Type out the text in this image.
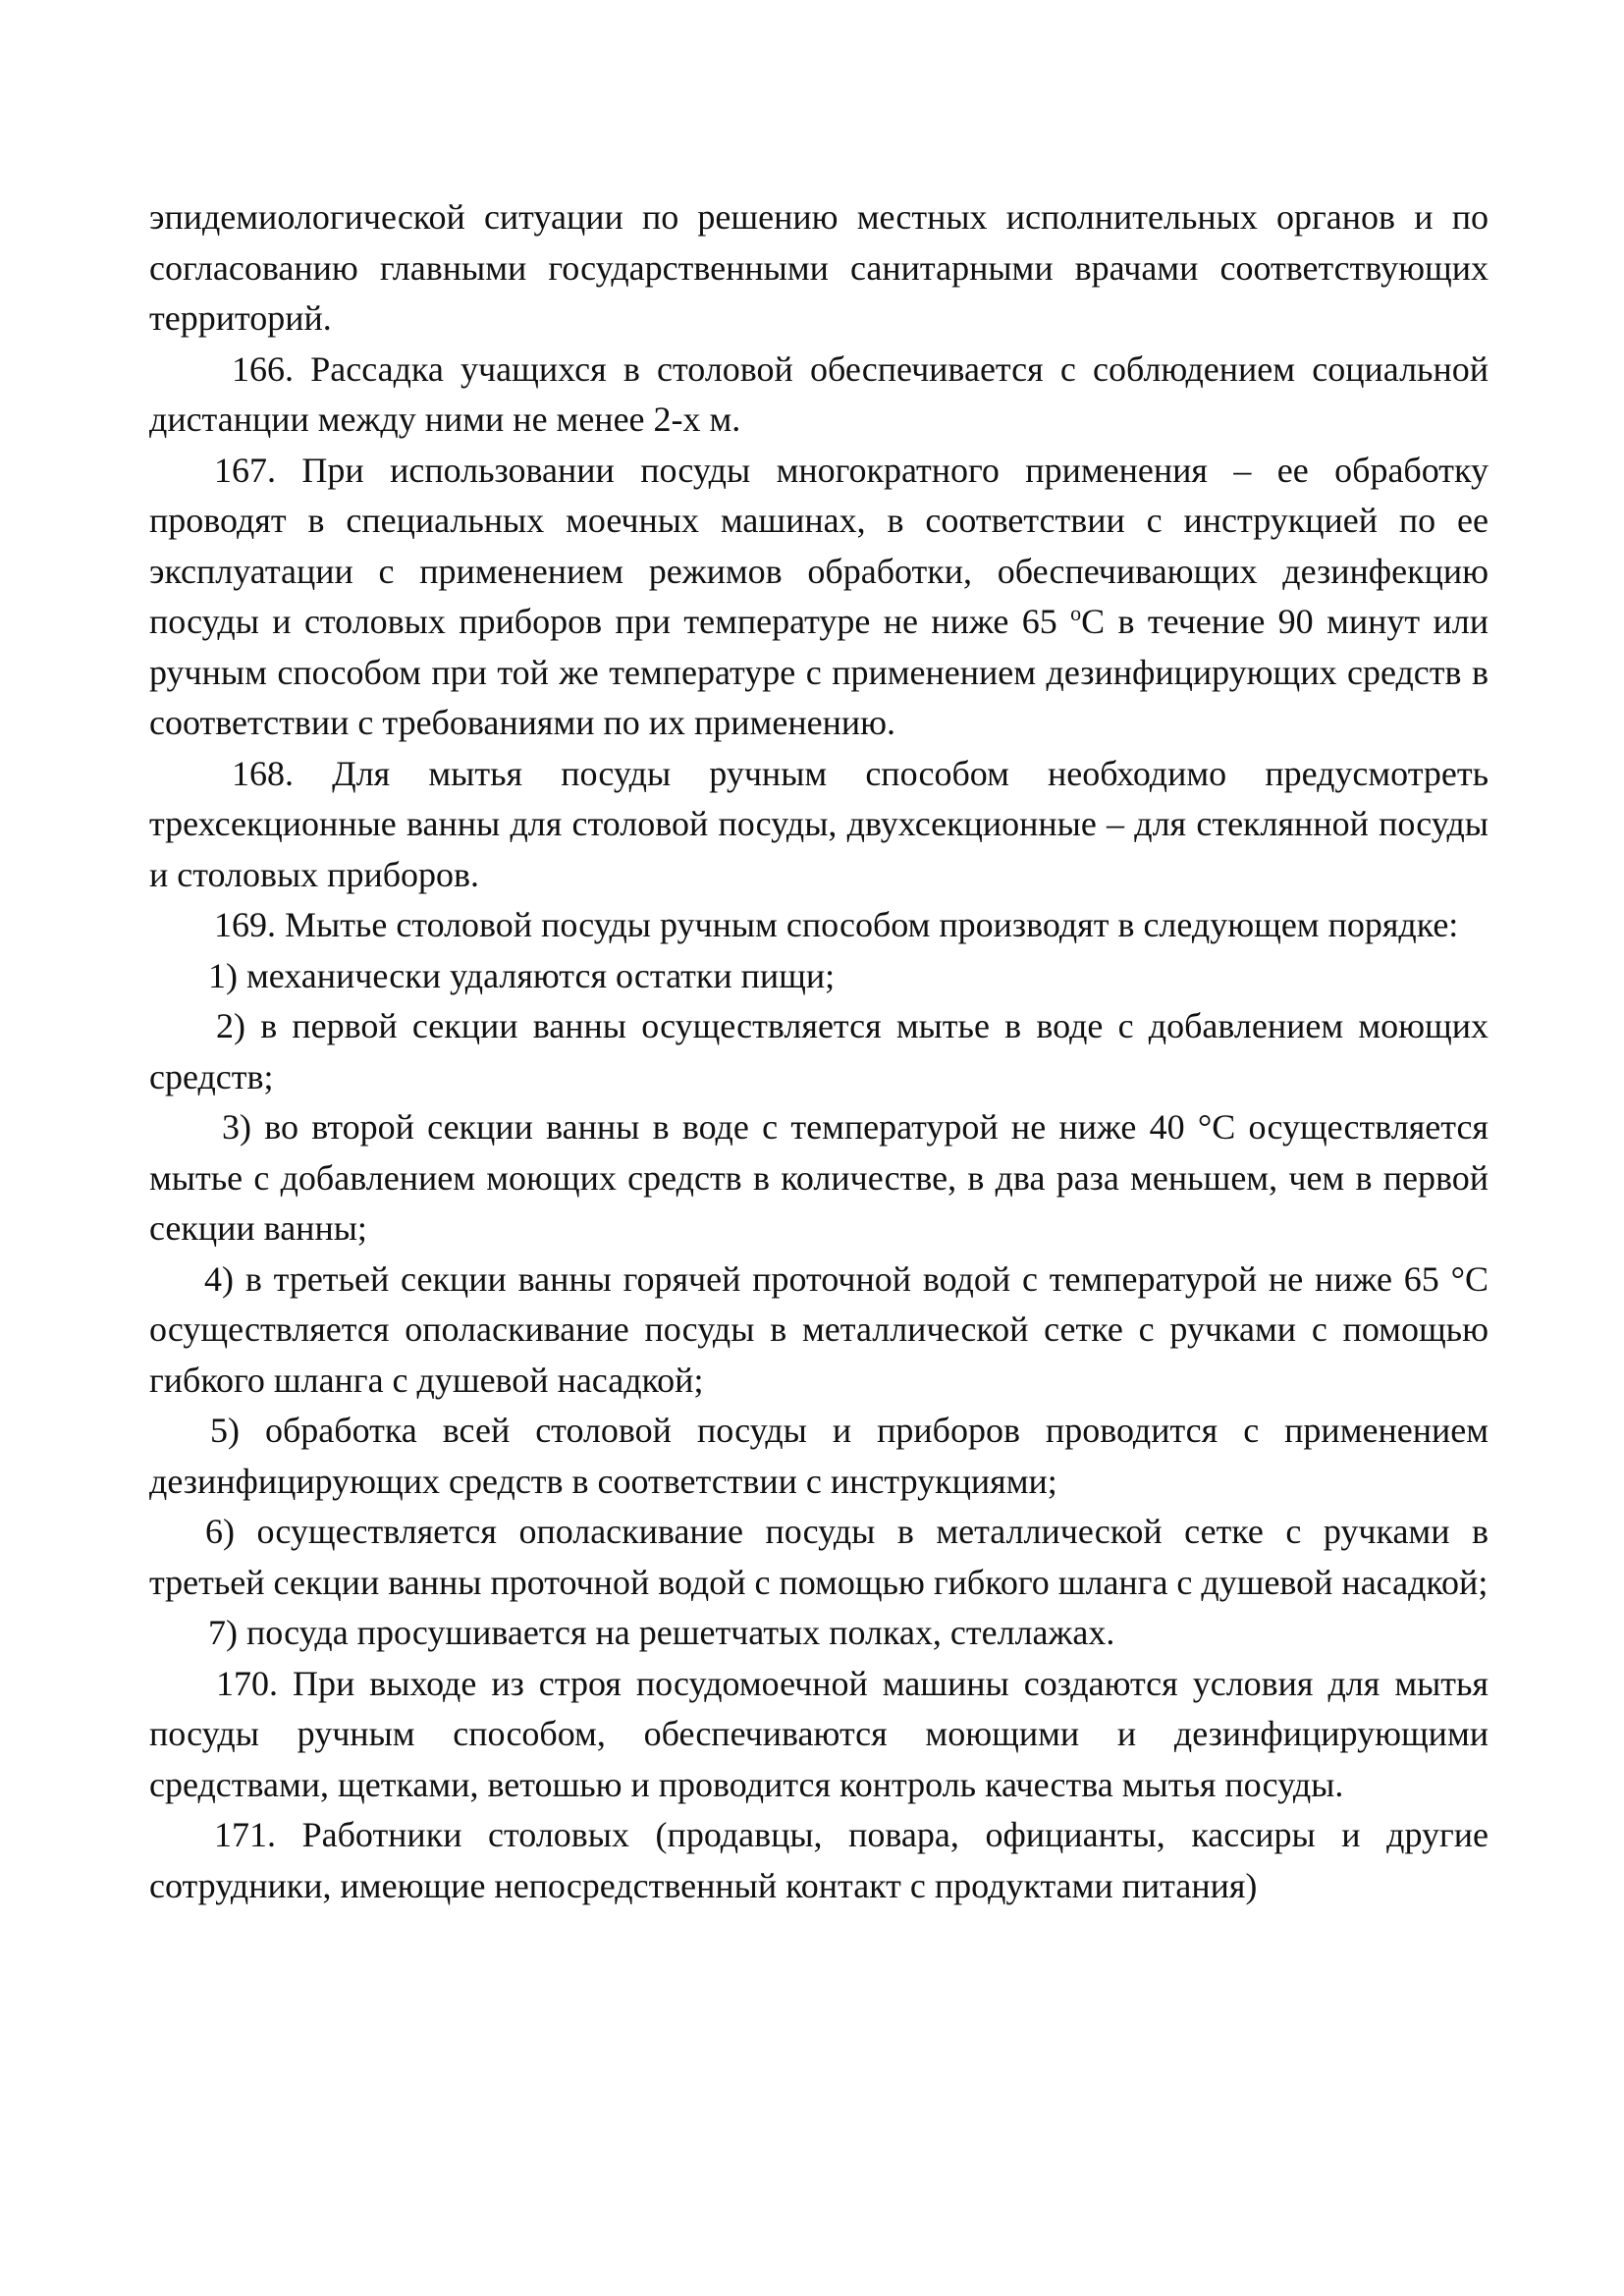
эпидемиологической ситуации по решению местных исполнительных органов и по согласованию главными государственными санитарными врачами соответствующих территорий.

166. Рассадка учащихся в столовой обеспечивается с соблюдением социальной дистанции между ними не менее 2-х м.

167. При использовании посуды многократного применения – ее обработку проводят в специальных моечных машинах, в соответствии с инструкцией по ее эксплуатации с применением режимов обработки, обеспечивающих дезинфекцию посуды и столовых приборов при температуре не ниже 65 $^о$С в течение 90 минут или ручным способом при той же температуре с применением дезинфицирующих средств в соответствии с требованиями по их применению.

168. Для мытья посуды ручным способом необходимо предусмотреть трехсекционные ванны для столовой посуды, двухсекционные – для стеклянной посуды и столовых приборов.

169. Мытье столовой посуды ручным способом производят в следующем порядке:

1) механически удаляются остатки пищи;

2) в первой секции ванны осуществляется мытье в воде с добавлением моющих средств;

3) во второй секции ванны в воде с температурой не ниже 40 °С осуществляется мытье с добавлением моющих средств в количестве, в два раза меньшем, чем в первой секции ванны;

4) в третьей секции ванны горячей проточной водой с температурой не ниже 65 °С осуществляется ополаскивание посуды в металлической сетке с ручками с помощью гибкого шланга с душевой насадкой;

5) обработка всей столовой посуды и приборов проводится с применением дезинфицирующих средств в соответствии с инструкциями;

6) осуществляется ополаскивание посуды в металлической сетке с ручками в третьей секции ванны проточной водой с помощью гибкого шланга с душевой насадкой;

7) посуда просушивается на решетчатых полках, стеллажах.

170. При выходе из строя посудомоечной машины создаются условия для мытья посуды ручным способом, обеспечиваются моющими и дезинфицирующими средствами, щетками, ветошью и проводится контроль качества мытья посуды.

171. Работники столовых (продавцы, повара, официанты, кассиры и другие сотрудники, имеющие непосредственный контакт с продуктами питания)
